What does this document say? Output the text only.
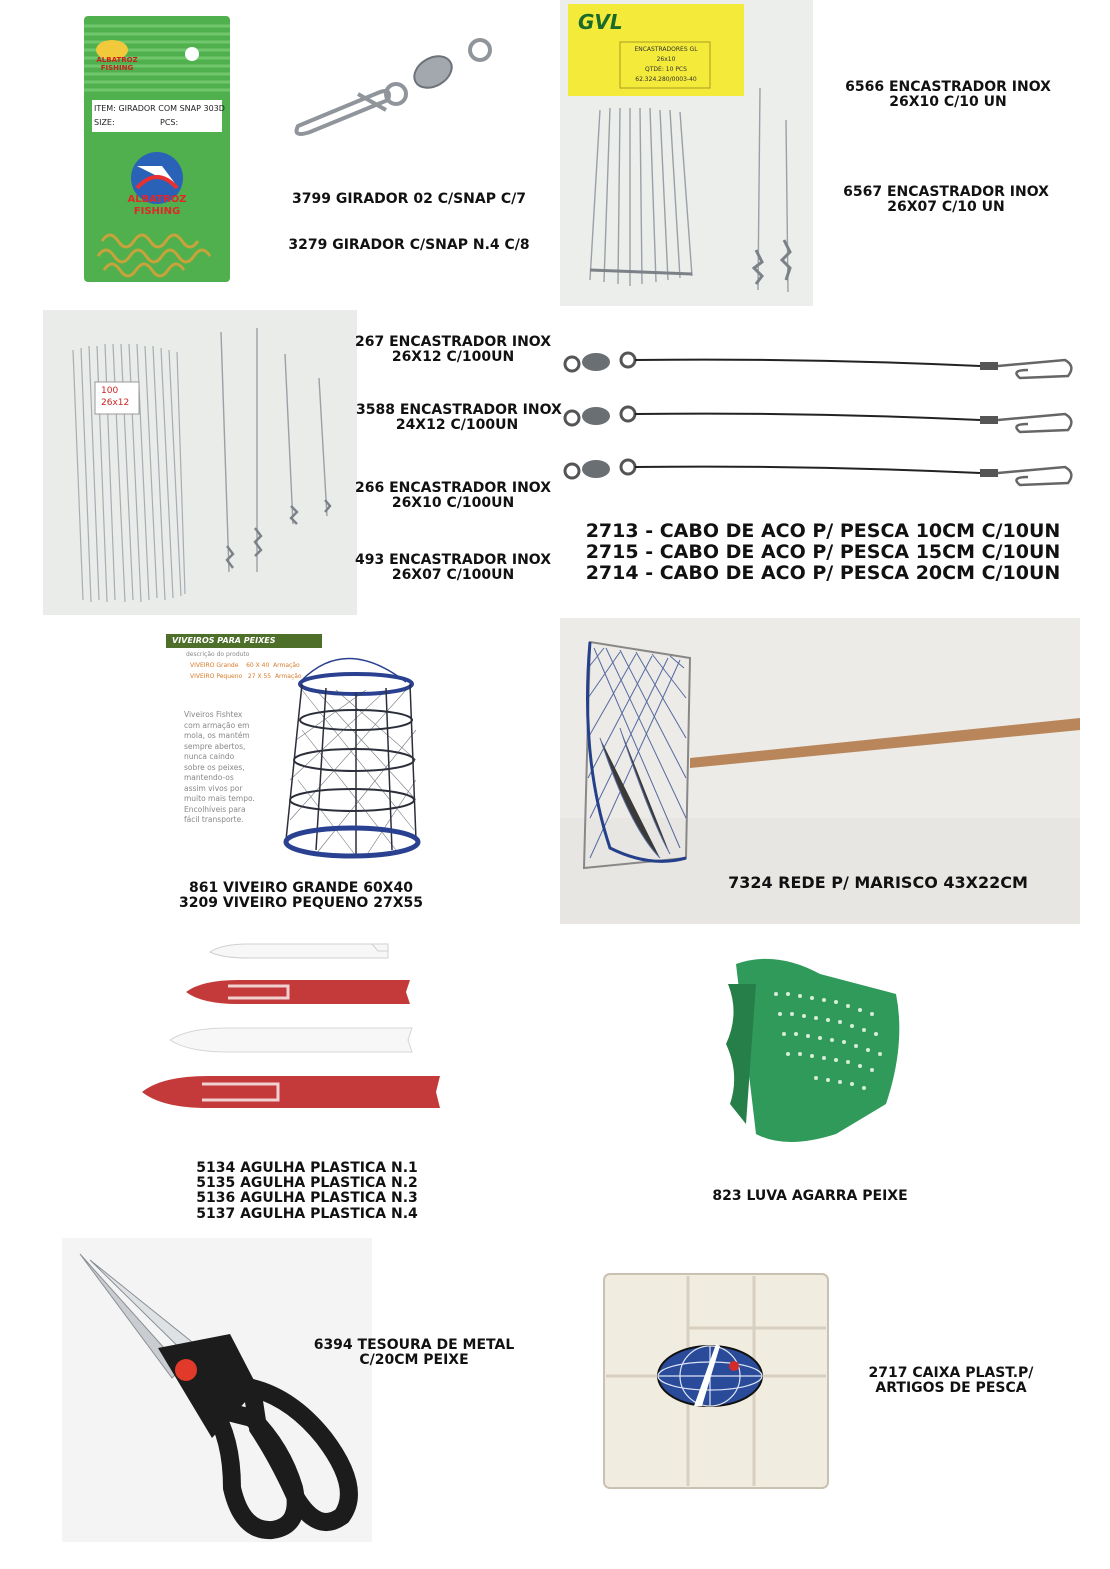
ALBATROZ FISHING
ITEM: GIRADOR COM SNAP 303D
SIZE:	PCS:
ALBATROZ
FISHING
3799 GIRADOR 02 C/SNAP C/7
3279 GIRADOR C/SNAP N.4 C/8
GVL
ENCASTRADORES GL
26x10
QTDE: 10 PCS
62.324.280/0003-40	6566 ENCASTRADOR INOX
26X10 C/10 UN
6567 ENCASTRADOR INOX
26X07 C/10 UN
100
26x12
267 ENCASTRADOR INOX
26X12 C/100UN
3588 ENCASTRADOR INOX
24X12 C/100UN
266 ENCASTRADOR INOX
26X10 C/100UN
493 ENCASTRADOR INOX
26X07 C/100UN
2713 - CABO DE ACO P/ PESCA 10CM C/10UN
2715 - CABO DE ACO P/ PESCA 15CM C/10UN
2714 - CABO DE ACO P/ PESCA 20CM C/10UN
VIVEIROS PARA PEIXES
descrição do produto
VIVEIRO Grande    60 X 40  Armação
VIVEIRO Pequeno   27 X 55  Armação
Viveiros Fishtex
com armação em
mola, os mantém
sempre abertos,
nunca caindo
sobre os peixes,
mantendo-os
assim vivos por
muito mais tempo.
Encolhíveis para
fácil transporte.
861 VIVEIRO GRANDE 60X40
3209 VIVEIRO PEQUENO 27X55
7324 REDE P/ MARISCO 43X22CM
5134 AGULHA PLASTICA N.1
5135 AGULHA PLASTICA N.2
5136 AGULHA PLASTICA N.3
5137 AGULHA PLASTICA N.4
823 LUVA AGARRA PEIXE
6394 TESOURA DE METAL
C/20CM PEIXE
2717 CAIXA PLAST.P/
ARTIGOS DE PESCA
